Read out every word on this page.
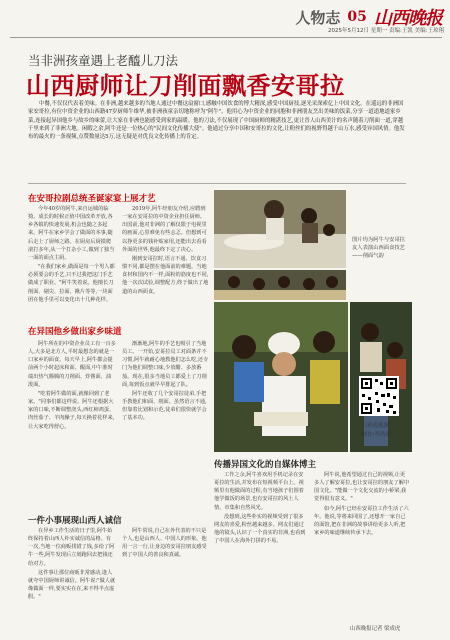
人物志 05 山西晚报
2025年5月12日 星期一 责编:王凯 美编:王琼翔
当非洲孩童遇上老醯儿刀法
山西厨师让刀削面飘香安哥拉
中餐,不仅仅代表着美味。在非洲,越来越多的当地人通过中餐这扇窗口,感触中国饮食的博大精深,感受中国厨技,逐光采深索亿上中国文化。在遥远的非洲国家安哥拉,有位中资企业的山西籍47岁厨师牛维华,被非洲孩童亲切地称呼为"阿牛"。他用心为中资企业的同胞和非洲朋友烹出美味的饭菜,分享一道道地道家乡菜,连接起异国他乡与故乡的味蕾,让大家在非洲也能感受到家的温暖。他的刀法,不仅展现了中国厨师的精湛技艺,更让晋人山西美汁的名声随着刀削面一道,穿越千里来到了非洲大地。闲暇之余,阿牛还是一位热心的"民间文化传播大使"。他通过分享中国和安哥拉的文化,让粉丝们的视野得越千山万水,感受异国风情。他发布的最火的一条视频,点赞数量达5万,这无疑是对优良文化传播上的肯定。
在安哥拉剧总统圣诞家宴上展才艺

今年40岁的阿牛,来自运城的临猗。成长的时候正值中国改革开放,各乡各镇的快速发展,机会也随之多起来。阿牛在家乡学会了做面的本事,随后走上了厨师之路。在厨房后厨摸爬滚打多年,从一个打杂小工,做到了独当一面的面点主厨。

"在我们家乡,做面是每一个男人都必须要会的手艺,只不过我把这门手艺做成了职业。"阿牛笑着说。他擅长刀削面、剔尖、拉面、揪片等等,一块面团在他手里可以变化出十几种花样。

2019年,阿牛经朋友介绍,应聘到一家在安哥拉的中资企业担任厨师。出国前,他对非洲的了解仅限于电视里的画面,心里难免有些忐忑。但想到可以挣更多的钱补贴家用,还能出去看看外面的世界,他最终下定了决心。

刚到安哥拉时,语言不通、饮食习惯不同,都是摆在他面前的难题。当地食材和国内不一样,面粉的筋度也不同,他一次次试验,调整配方,终于做出了地道的山西面食。

在异国他乡做出家乡味道

阿牛所在的中资企业员工有一百多人,大多是北方人,平时最想念的就是一口家乡的面食。每天早上,阿牛都会提前两个小时起床和面、醒面,中午准时端出热气腾腾的刀削面、炸酱面、油泼面。

"吃着阿牛做的面,就像回到了老家。"同事们都这样说。阿牛还根据大家的口味,不断调整浇头,西红柿鸡蛋、肉丝茄子、羊肉臊子,每天换着花样来,让大家吃得舒心。

渐渐地,阿牛的手艺也吸引了当地员工。一开始,安哥拉员工对面条并不习惯,阿牛就耐心地教他们怎么吃,还专门为他们调整口味,少放醋、多放番茄。现在,很多当地员工都爱上了刀削面,每到饭点就早早排起了队。

阿牛还收了几个安哥拉徒弟,手把手教他们和面、削面。虽然语言不通,但靠着比划和示范,徒弟们很快就学会了基本功。

一件小事展现山西人诚信

在异乡工作生活的日子里,阿牛始终保持着山西人朴实诚信的品格。有一次,当地一位商贩找错了钱,多给了阿牛一些,阿牛发现后立刻跑回去把钱还给对方。

这件事让那位商贩非常感动,逢人就夸中国厨师讲诚信。阿牛说:"做人就像做面一样,要实实在在,来不得半点虚假。"

阿牛常说,自己在外代表的不只是个人,也是山西人、中国人的形象。他用一言一行,让身边的安哥拉朋友感受到了中国人的善良和真诚。

图片均为阿牛与安哥拉友人表演山西面食技艺——削面气韵
扫码看视频
制作:李浩瑜
传播异国文化的自媒体博主

工作之余,阿牛喜欢用手机记录在安哥拉的生活,并发布在短视频平台上。视频里有他做面的过程,有当地孩子们围着他学做饭的场景,也有安哥拉的风土人情、市集和自然风光。

没想到,这些朴实的视频受到了很多网友的喜爱,粉丝越来越多。网友们通过他的镜头,认识了一个真实的非洲,也看到了中国人在海外打拼的不易。

阿牛说,他希望通过自己的视频,让更多人了解安哥拉,也让安哥拉的朋友了解中国文化。"能做一个文化交流的小桥梁,我觉得很有意义。"

如今,阿牛已经在安哥拉工作生活了六年。他说,等将来回国了,还想开一家自己的面馆,把在非洲的故事讲给更多人听,把家乡的味道继续传承下去。

山西晚报记者 梁成虎
